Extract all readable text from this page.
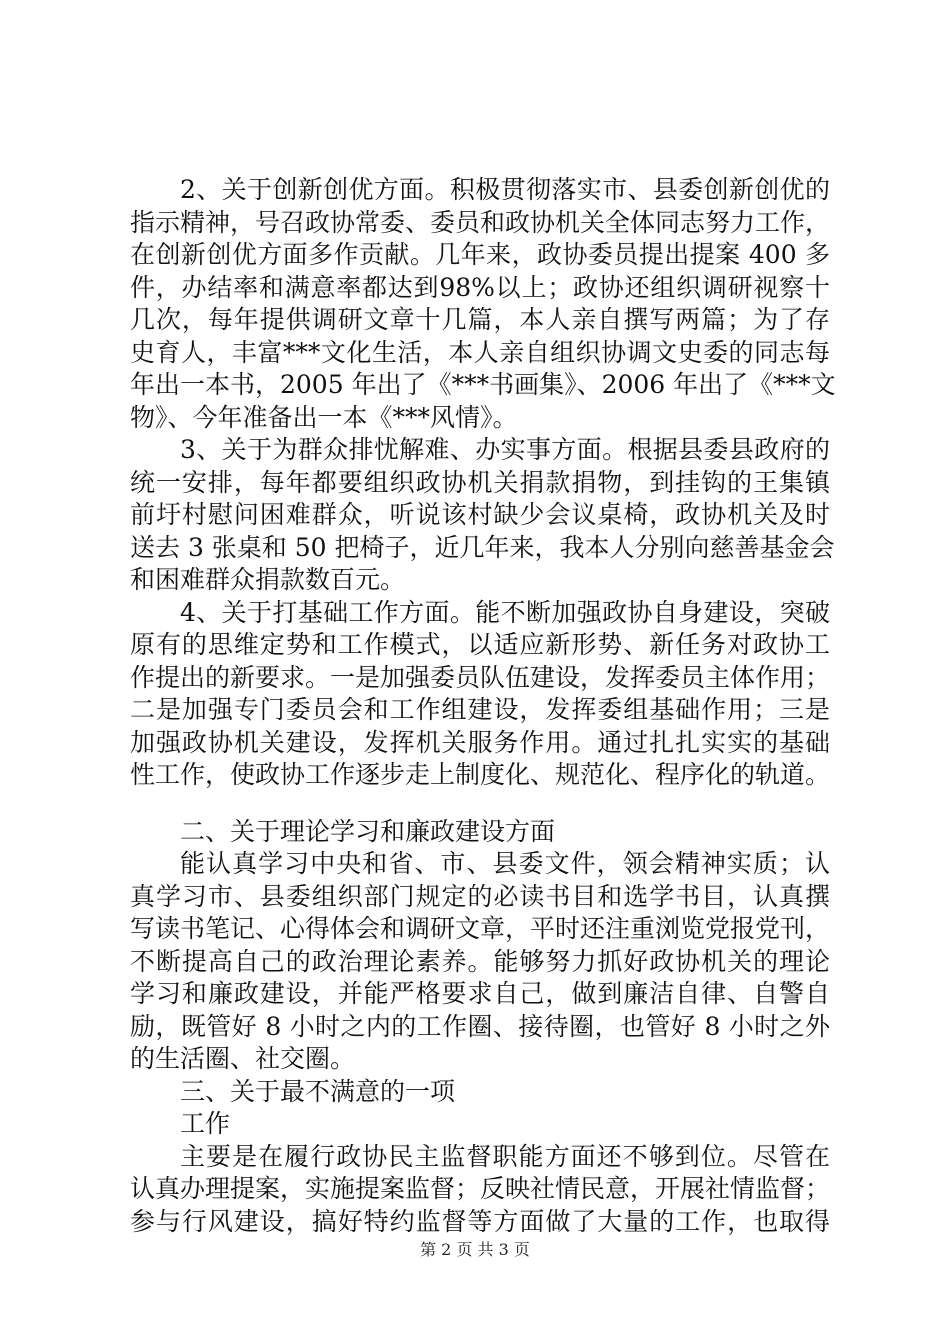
2、关于创新创优方面。积极贯彻落实市、县委创新创优的
指示精神，号召政协常委、委员和政协机关全体同志努力工作，
在创新创优方面多作贡献。几年来，政协委员提出提案 400 多
件，办结率和满意率都达到98%以上；政协还组织调研视察十
几次，每年提供调研文章十几篇，本人亲自撰写两篇；为了存
史育人，丰富***文化生活，本人亲自组织协调文史委的同志每
年出一本书，2005 年出了《***书画集》、2006 年出了《***文
物》、今年准备出一本《***风情》。
3、关于为群众排忧解难、办实事方面。根据县委县政府的
统一安排，每年都要组织政协机关捐款捐物，到挂钩的王集镇
前圩村慰问困难群众，听说该村缺少会议桌椅，政协机关及时
送去 3 张桌和 50 把椅子，近几年来，我本人分别向慈善基金会
和困难群众捐款数百元。
4、关于打基础工作方面。能不断加强政协自身建设，突破
原有的思维定势和工作模式，以适应新形势、新任务对政协工
作提出的新要求。一是加强委员队伍建设，发挥委员主体作用；
二是加强专门委员会和工作组建设，发挥委组基础作用；三是
加强政协机关建设，发挥机关服务作用。通过扎扎实实的基础
性工作，使政协工作逐步走上制度化、规范化、程序化的轨道。
二、关于理论学习和廉政建设方面
能认真学习中央和省、市、县委文件，领会精神实质；认
真学习市、县委组织部门规定的必读书目和选学书目，认真撰
写读书笔记、心得体会和调研文章，平时还注重浏览党报党刊，
不断提高自己的政治理论素养。能够努力抓好政协机关的理论
学习和廉政建设，并能严格要求自己，做到廉洁自律、自警自
励，既管好 8 小时之内的工作圈、接待圈，也管好 8 小时之外
的生活圈、社交圈。
三、关于最不满意的一项
工作
主要是在履行政协民主监督职能方面还不够到位。尽管在
认真办理提案，实施提案监督；反映社情民意，开展社情监督；
参与行风建设，搞好特约监督等方面做了大量的工作，也取得
第 2 页 共 3 页
